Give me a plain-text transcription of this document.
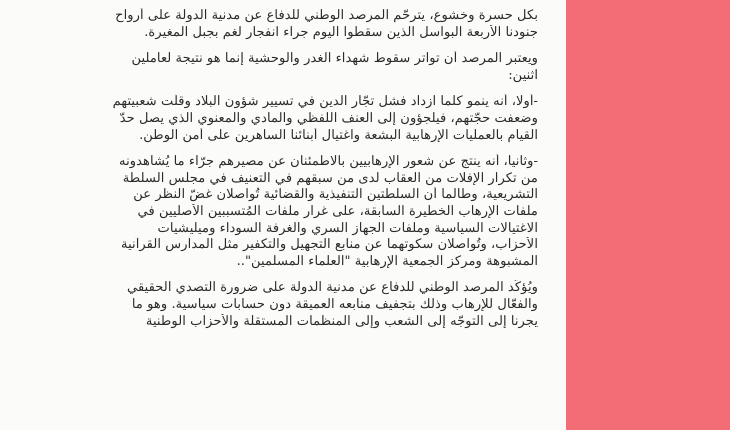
بكل حسرة وخشوع، يترحّم المرصد الوطني للدفاع عن مدنية الدولة على أرواح
جنودنا الأربعة البواسل الذين سقطوا اليوم جراء انفجار لغم بجبل المغيرة.

ويعتبر المرصد أن تواتر سقوط شهداء الغدر والوحشية إنما هو نتيجة لعاملين
اثنين:

-أولا، أنه ينمو كلما ازداد فشل تجّار الدين في تسيير شؤون البلاد وقلّت شعبيتهم
وضعفت حجّتهم، فيلجؤون إلى العنف اللفظي والمادي والمعنوي الذي يصل حدّ
القيام بالعمليات الإرهابية البشعة واغتيال أبنائنا الساهرين على أمن الوطن.

-وثانيا، أنه ينتج عن شعور الإرهابيين بالاطمئنان عن مصيرهم جرّاء ما يُشاهدونه
من تكرار الإفلات من العقاب لدى من سبقهم في التعنيف في مجلس السلطة
التشريعية، وطالما أن السلطتين التنفيذية والقضائية تُواصلان غضّ النظر عن
ملفات الإرهاب الخطيرة السابقة، على غرار ملفات المُتسببين الأصليين في
الاغتيالات السياسية وملفات الجهاز السري والغرفة السوداء وميليشيات
الأحزاب، وتُواصلان سكوتهما عن منابع التجهيل والتكفير مثل المدارس القرآنية
المشبوهة ومركز الجمعية الإرهابية "العلماء المسلمين"..

ويُؤكّد المرصد الوطني للدفاع عن مدنية الدولة على ضرورة التصدي الحقيقي
والفعّال للإرهاب وذلك بتجفيف منابعه العميقة دون حسابات سياسية. وهو ما
يجرنا إلى التوجّه إلى الشعب وإلى المنظمات المستقلة والأحزاب الوطنية
